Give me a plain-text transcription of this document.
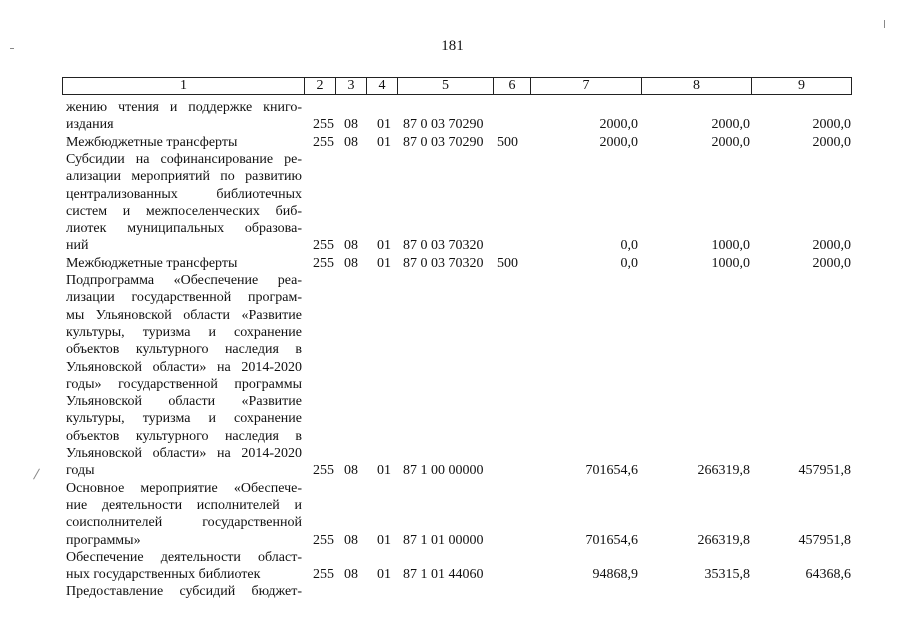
181
1	2	3	4	5	6	7	8	9
жению чтения и поддержке книго-
издания	255 08	01 87 0 03 70290	2000,0	2000,0	2000,0
Межбюджетные трансферты	255 08	01 87 0 03 70290 500	2000,0	2000,0	2000,0
Субсидии на софинансирование ре-
ализации мероприятий по развитию
централизованных библиотечных
систем и межпоселенческих биб-
лиотек муниципальных образова-
ний	255 08	01 87 0 03 70320	0,0	1000,0	2000,0
Межбюджетные трансферты	255 08	01 87 0 03 70320 500	0,0	1000,0	2000,0
Подпрограмма «Обеспечение реа-
лизации государственной програм-
мы Ульяновской области «Развитие
культуры, туризма и сохранение
объектов культурного наследия в
Ульяновской области» на 2014-2020
годы» государственной программы
Ульяновской области «Развитие
культуры, туризма и сохранение
объектов культурного наследия в
Ульяновской области» на 2014-2020
годы	255 08	01 87 1 00 00000	701654,6	266319,8	457951,8
Основное мероприятие «Обеспече-
ние деятельности исполнителей и
соисполнителей государственной
программы»	255 08	01 87 1 01 00000	701654,6	266319,8	457951,8
Обеспечение деятельности област-
ных государственных библиотек	255 08	01 87 1 01 44060	94868,9	35315,8	64368,6
Предоставление субсидий бюджет-
